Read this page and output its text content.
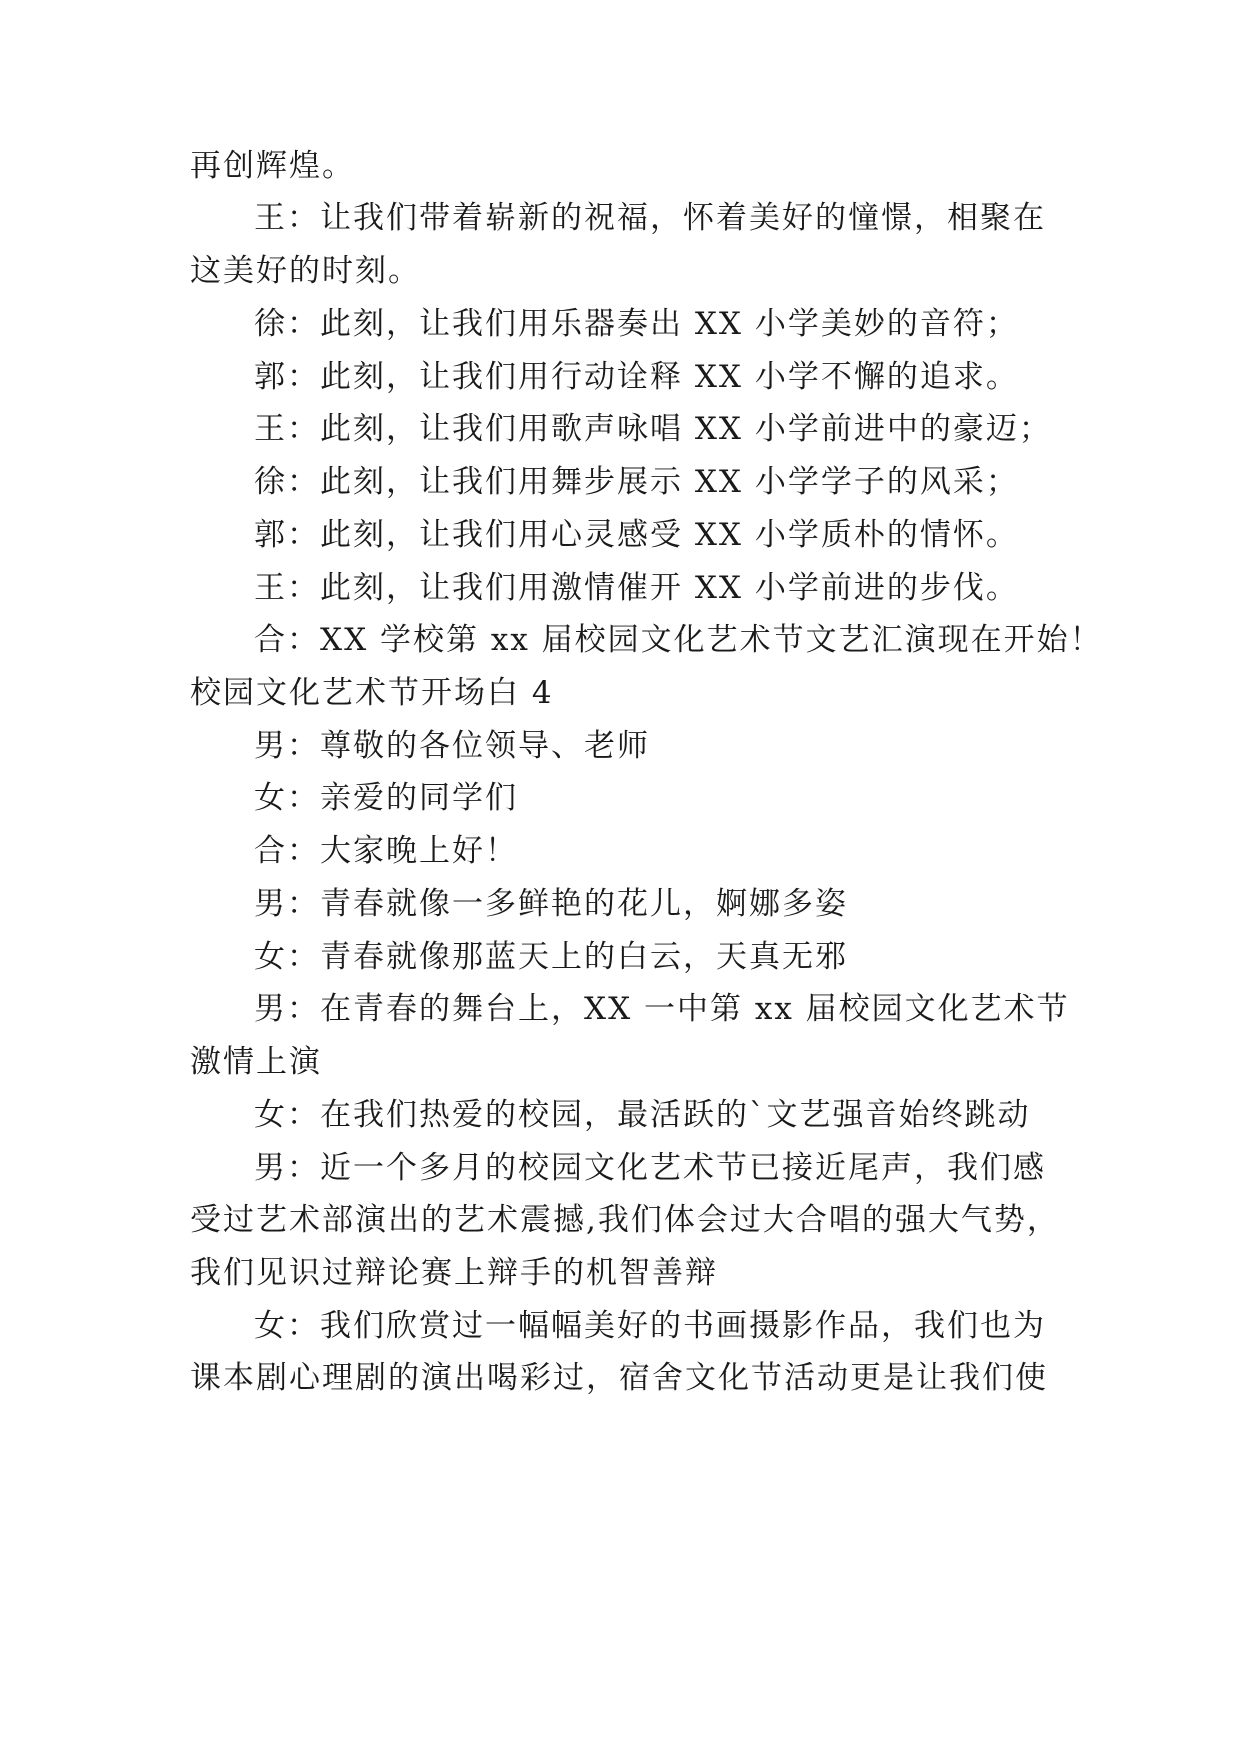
再创辉煌。
王：让我们带着崭新的祝福，怀着美好的憧憬，相聚在
这美好的时刻。
徐：此刻，让我们用乐器奏出 XX 小学美妙的音符；
郭：此刻，让我们用行动诠释 XX 小学不懈的追求。
王：此刻，让我们用歌声咏唱 XX 小学前进中的豪迈；
徐：此刻，让我们用舞步展示 XX 小学学子的风采；
郭：此刻，让我们用心灵感受 XX 小学质朴的情怀。
王：此刻，让我们用激情催开 XX 小学前进的步伐。
合：XX 学校第 xx 届校园文化艺术节文艺汇演现在开始！
校园文化艺术节开场白 4
男：尊敬的各位领导、老师
女：亲爱的同学们
合：大家晚上好！
男：青春就像一多鲜艳的花儿，婀娜多姿
女：青春就像那蓝天上的白云，天真无邪
男：在青春的舞台上，XX 一中第 xx 届校园文化艺术节
激情上演
女：在我们热爱的校园，最活跃的`文艺强音始终跳动
男：近一个多月的校园文化艺术节已接近尾声，我们感
受过艺术部演出的艺术震撼,我们体会过大合唱的强大气势，
我们见识过辩论赛上辩手的机智善辩
女：我们欣赏过一幅幅美好的书画摄影作品，我们也为
课本剧心理剧的演出喝彩过，宿舍文化节活动更是让我们使
